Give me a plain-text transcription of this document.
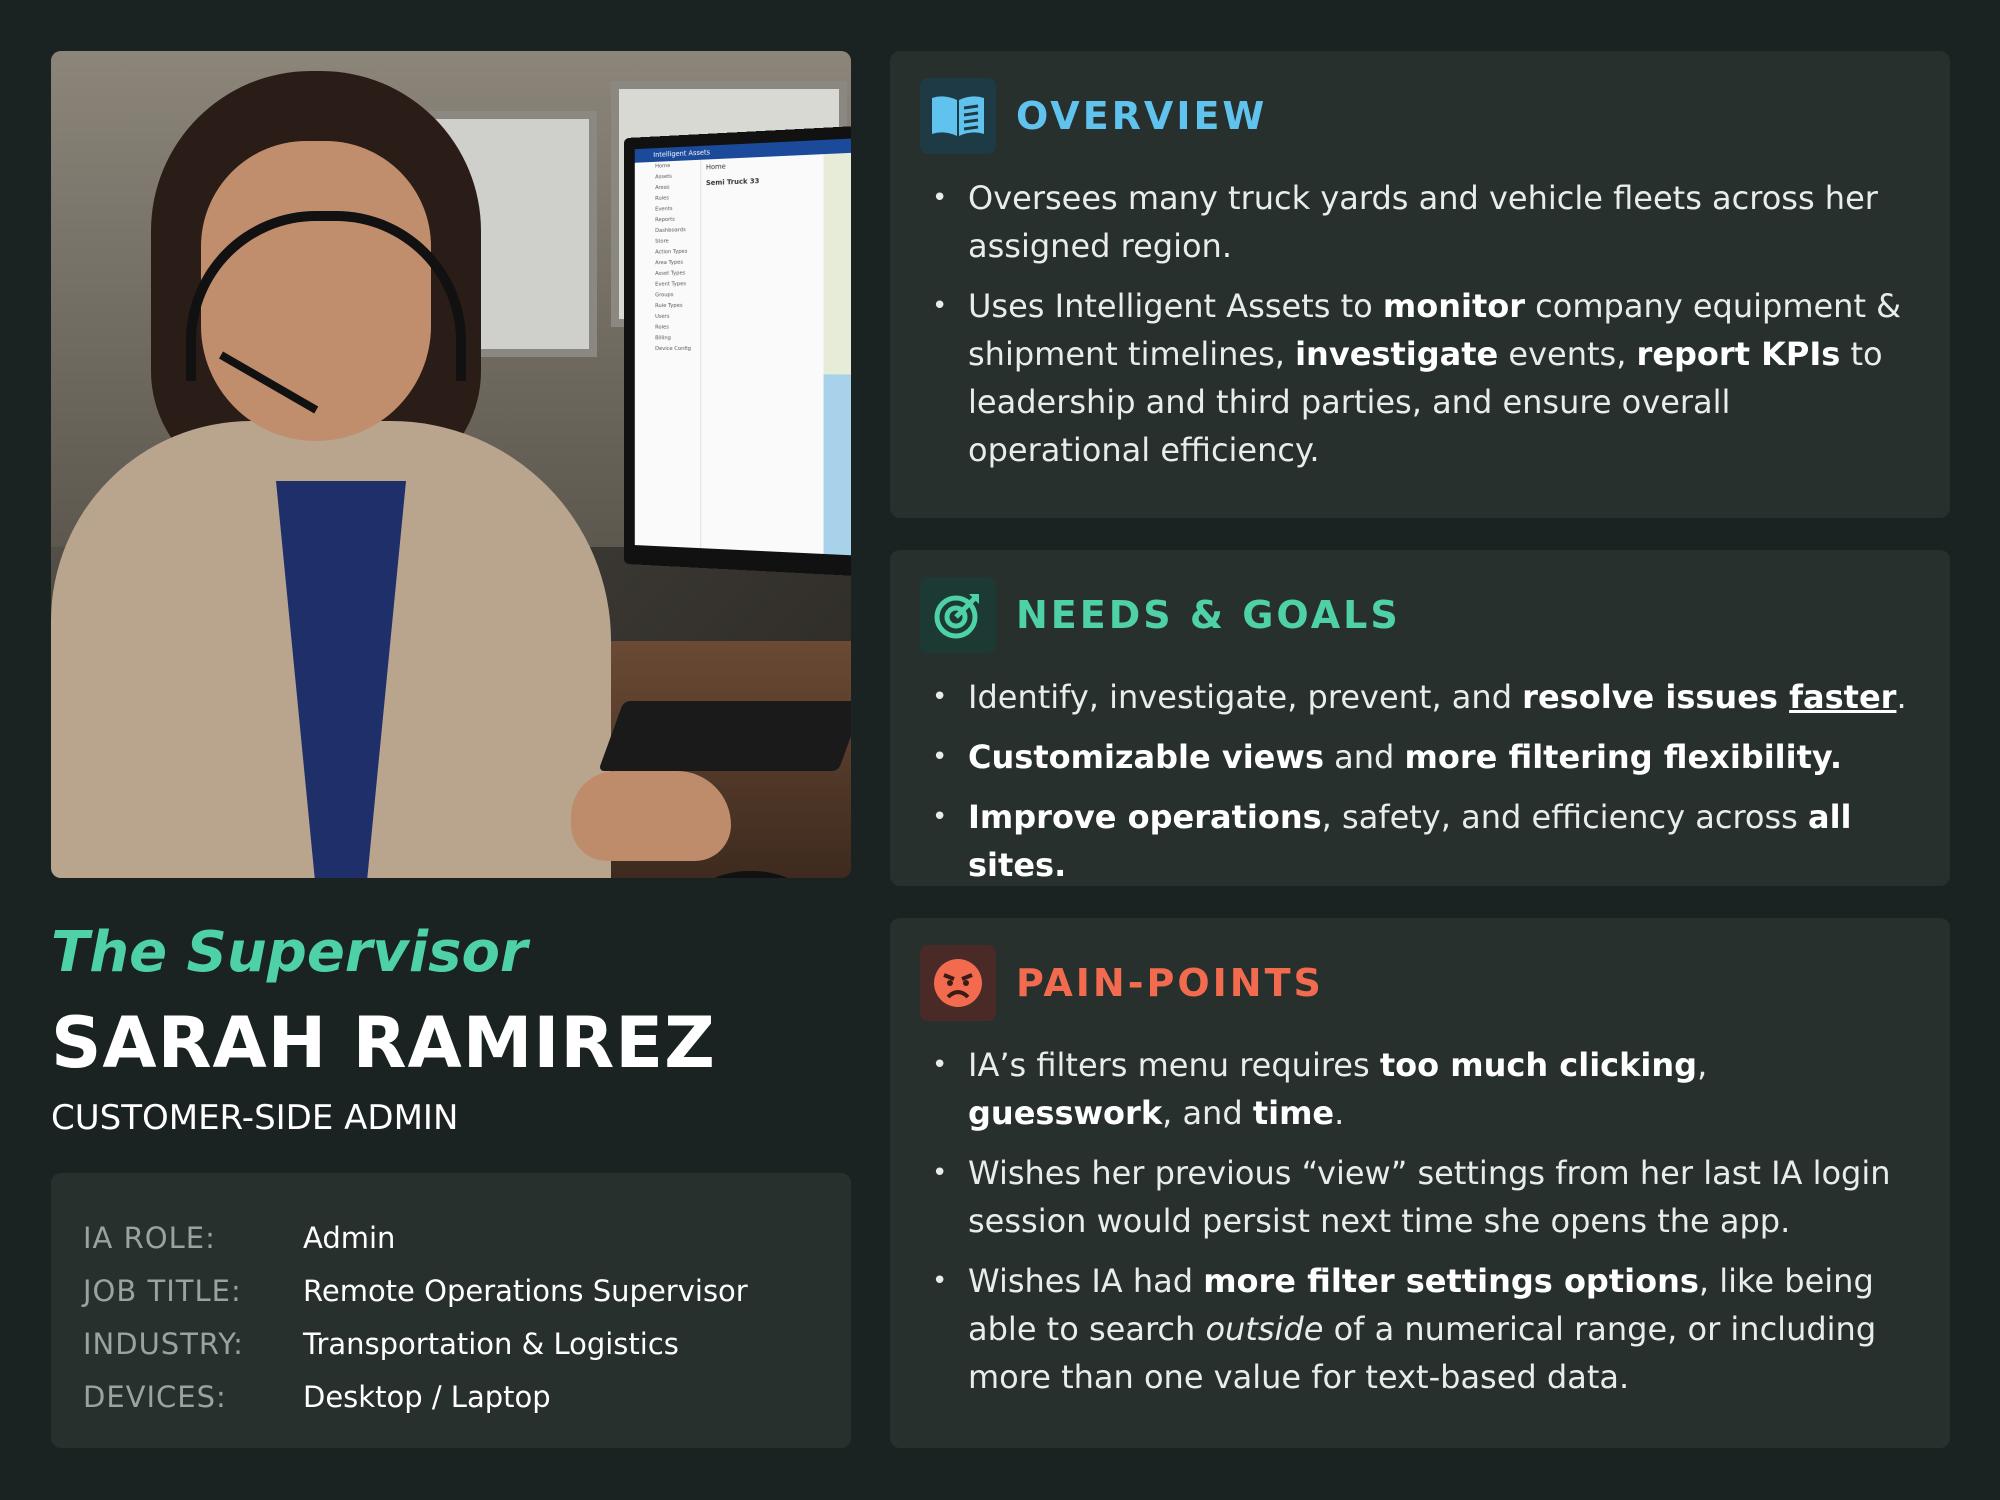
Intelligent Assets
Home
Assets
Areas
Rules
Events
Reports
Dashboards
Store
Action Types
Area Types
Asset Types
Event Types
Groups
Rule Types
Users
Roles
Billing
Device Config
Home
Semi Truck 33

The Supervisor

SARAH RAMIREZ

CUSTOMER-SIDE ADMIN

IA ROLE:	Admin
JOB TITLE:	Remote Operations Supervisor
INDUSTRY:	Transportation & Logistics
DEVICES:	Desktop / Laptop
OVERVIEW
• Oversees many truck yards and vehicle fleets across her assigned region.
• Uses Intelligent Assets to monitor company equipment & shipment timelines, investigate events, report KPIs to leadership and third parties, and ensure overall operational efficiency.
NEEDS & GOALS
• Identify, investigate, prevent, and resolve issues faster.
• Customizable views and more filtering flexibility.
• Improve operations, safety, and efficiency across all sites.
PAIN-POINTS
• IA’s filters menu requires too much clicking, guesswork, and time.
• Wishes her previous “view” settings from her last IA login session would persist next time she opens the app.
• Wishes IA had more filter settings options, like being able to search outside of a numerical range, or including more than one value for text-based data.
